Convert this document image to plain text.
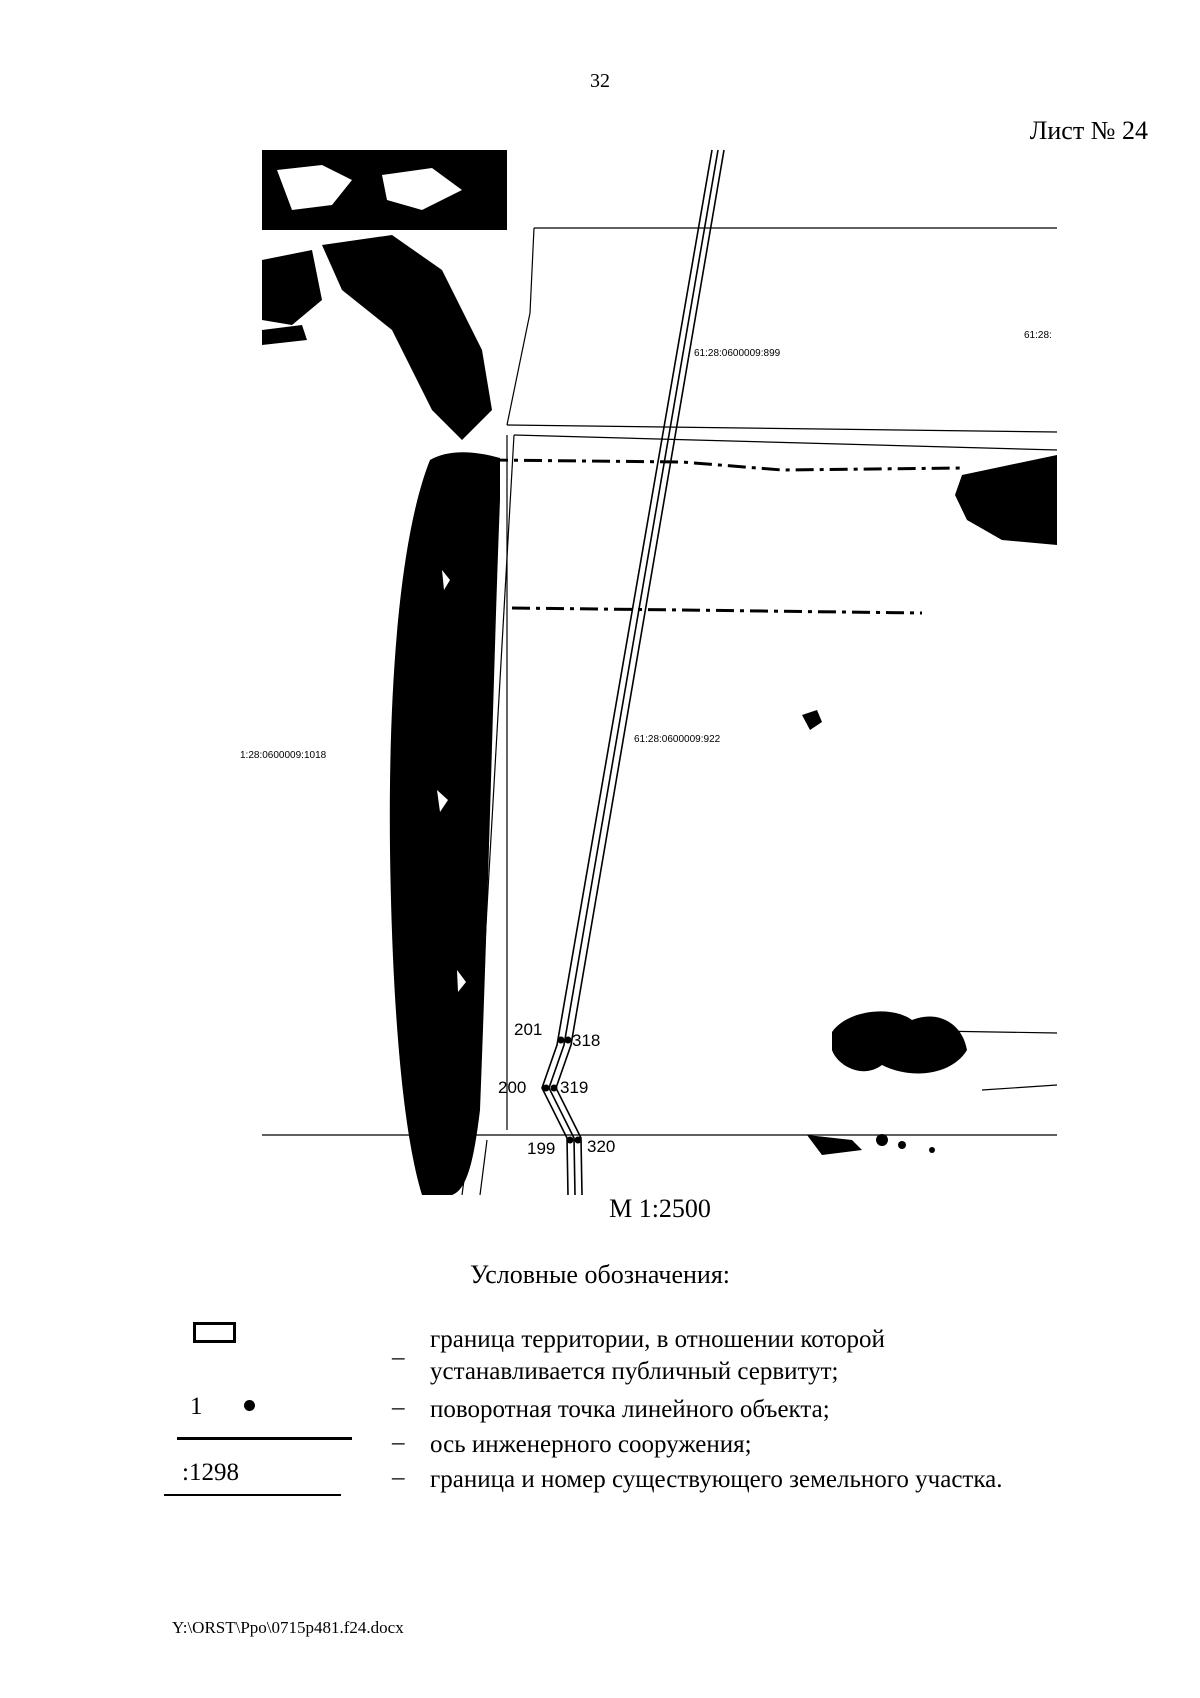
32
Лист № 24
201
318
200 319
199 320
61:28:0600009:899
61:28:0600009:922
1:28:0600009:1018
61:28:
М 1:2500
Условные обозначения:
1
:1298
–
–
–
–
граница территории, в отношении которой
устанавливается публичный сервитут;
поворотная точка линейного объекта;
ось инженерного сооружения;
граница и номер существующего земельного участка.
Y:\ORST\Ppo\0715p481.f24.docx
